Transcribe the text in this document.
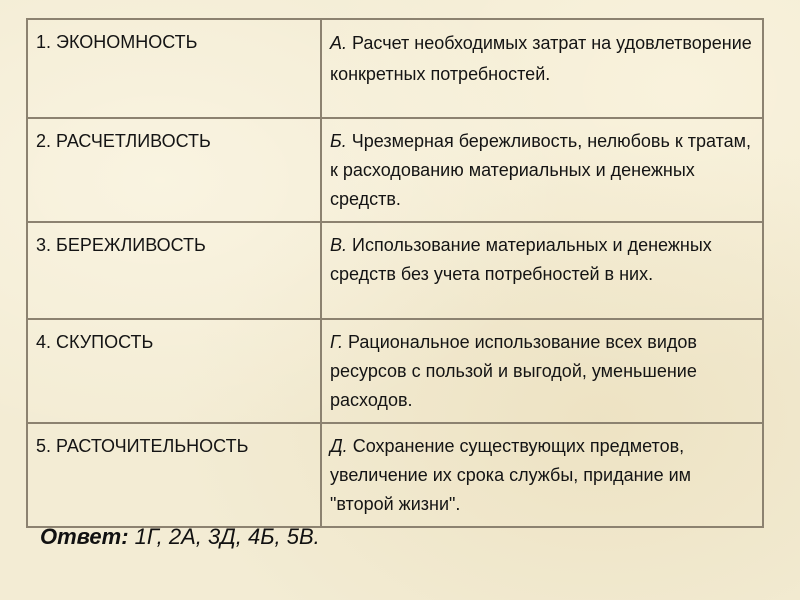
1. ЭКОНОМНОСТЬ	А. Расчет необходимых затрат на удовлетворение конкретных потребностей.
2. РАСЧЕТЛИВОСТЬ	Б. Чрезмерная бережливость, нелюбовь к тратам, к расходованию материальных и денежных средств.
3. БЕРЕЖЛИВОСТЬ	В. Использование материальных и денежных средств без учета потребностей в них.
4. СКУПОСТЬ	Г. Рациональное использование всех видов ресурсов с пользой и выгодой, уменьшение расходов.
5. РАСТОЧИТЕЛЬНОСТЬ	Д. Сохранение существующих предметов, увеличение их срока службы, придание им "второй жизни".
Ответ: 1Г, 2А, 3Д, 4Б, 5В.
